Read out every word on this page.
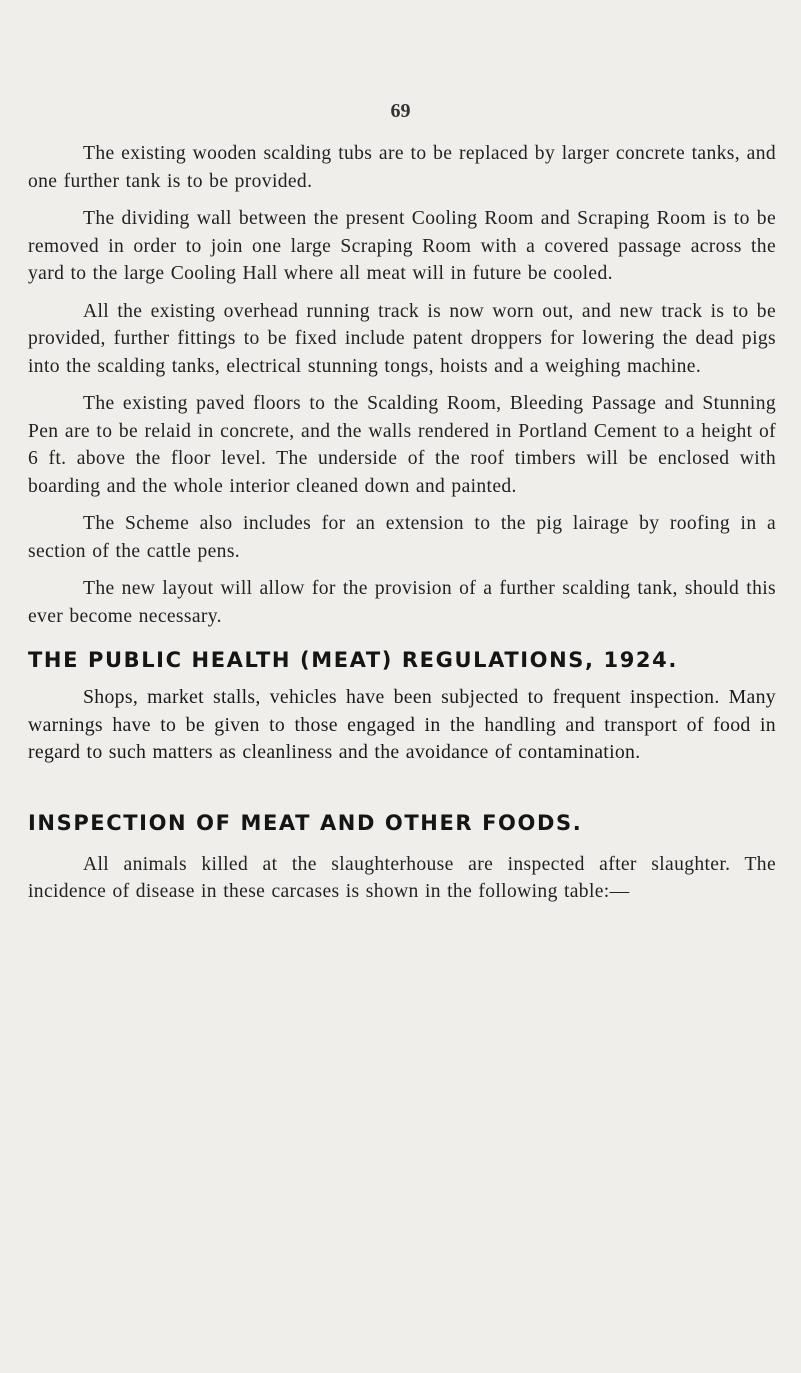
69

The existing wooden scalding tubs are to be replaced by larger concrete tanks, and one further tank is to be provided.

The dividing wall between the present Cooling Room and Scraping Room is to be removed in order to join one large Scraping Room with a covered passage across the yard to the large Cooling Hall where all meat will in future be cooled.

All the existing overhead running track is now worn out, and new track is to be provided, further fittings to be fixed include patent droppers for lowering the dead pigs into the scalding tanks, electrical stunning tongs, hoists and a weighing machine.

The existing paved floors to the Scalding Room, Bleeding Passage and Stunning Pen are to be relaid in concrete, and the walls rendered in Portland Cement to a height of 6 ft. above the floor level. The underside of the roof timbers will be enclosed with boarding and the whole interior cleaned down and painted.

The Scheme also includes for an extension to the pig lairage by roofing in a section of the cattle pens.

The new layout will allow for the provision of a further scalding tank, should this ever become necessary.

THE PUBLIC HEALTH (MEAT) REGULATIONS, 1924.

Shops, market stalls, vehicles have been subjected to frequent inspection. Many warnings have to be given to those engaged in the handling and transport of food in regard to such matters as cleanliness and the avoidance of contamination.

INSPECTION OF MEAT AND OTHER FOODS.

All animals killed at the slaughterhouse are inspected after slaughter. The incidence of disease in these carcases is shown in the following table:—
